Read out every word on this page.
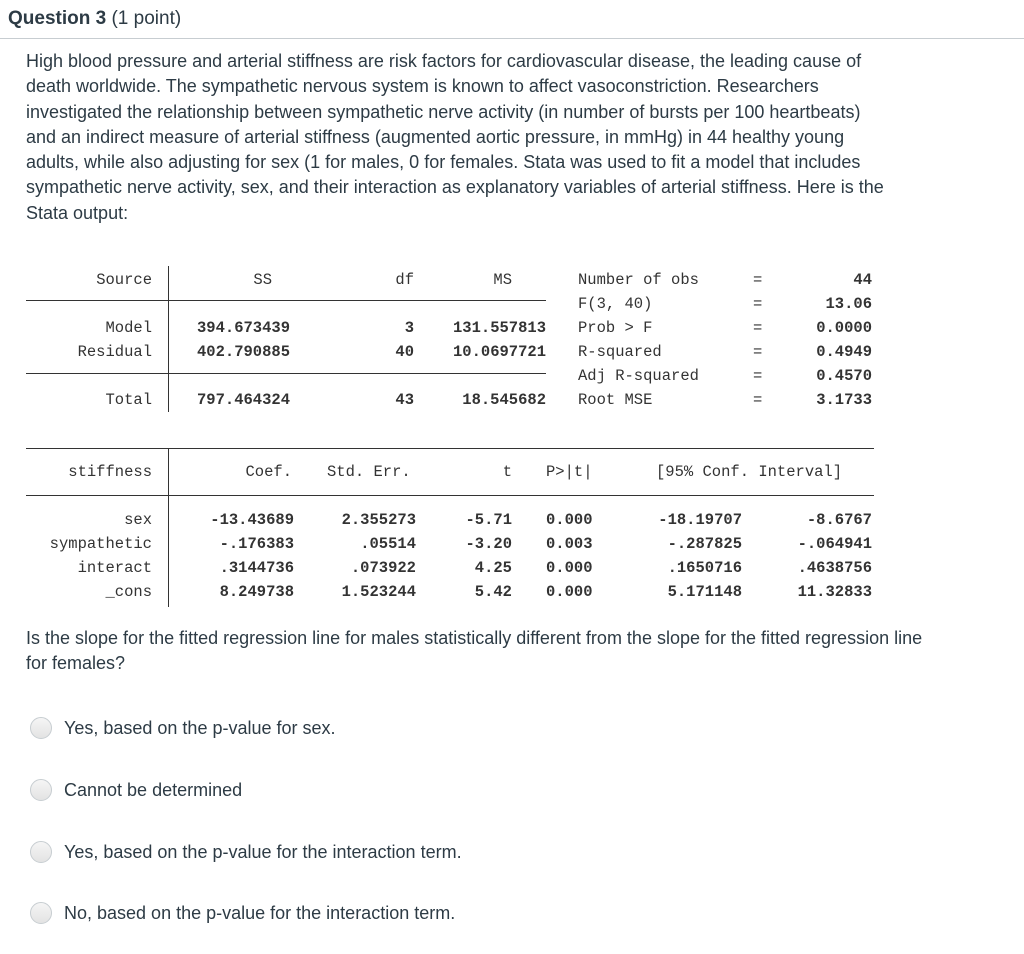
Question 3 (1 point)
High blood pressure and arterial stiffness are risk factors for cardiovascular disease, the leading cause of death worldwide. The sympathetic nervous system is known to affect vasoconstriction. Researchers investigated the relationship between sympathetic nerve activity (in number of bursts per 100 heartbeats) and an indirect measure of arterial stiffness (augmented aortic pressure, in mmHg) in 44 healthy young adults, while also adjusting for sex (1 for males, 0 for females. Stata was used to fit a model that includes sympathetic nerve activity, sex, and their interaction as explanatory variables of arterial stiffness. Here is the Stata output:
Source	SS	df	MS
Model	394.673439	3	131.557813
Residual	402.790885	40	10.0697721
Total	797.464324	43	18.545682
Number of obs	=	44
F(3, 40)	=	13.06
Prob > F	=	0.0000
R-squared	=	0.4949
Adj R-squared	=	0.4570
Root MSE	=	3.1733
stiffness	Coef. Std. Err.	t P>|t|	[95% Conf. Interval]
sex	-13.43689	2.355273	-5.71 0.000	-18.19707	-8.6767
sympathetic	-.176383	.05514	-3.20 0.003	-.287825	-.064941
interact	.3144736	.073922	4.25 0.000	.1650716	.4638756
_cons	8.249738	1.523244	5.42 0.000	5.171148	11.32833
Is the slope for the fitted regression line for males statistically different from the slope for the fitted regression line for females?
Yes, based on the p-value for sex.
Cannot be determined
Yes, based on the p-value for the interaction term.
No, based on the p-value for the interaction term.
